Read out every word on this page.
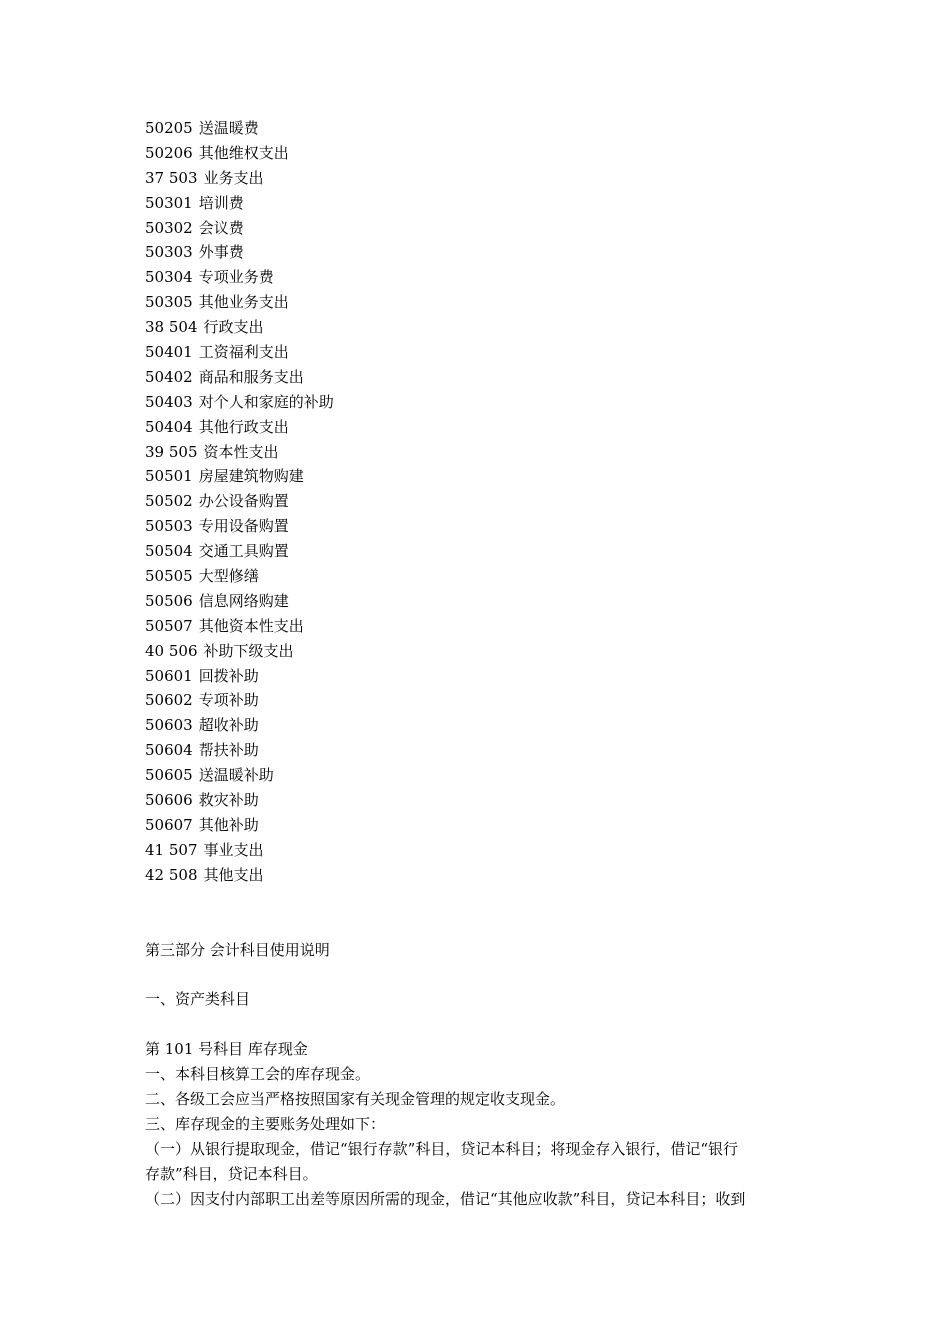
50205 送温暖费
50206 其他维权支出
37 503 业务支出
50301 培训费
50302 会议费
50303 外事费
50304 专项业务费
50305 其他业务支出
38 504 行政支出
50401 工资福利支出
50402 商品和服务支出
50403 对个人和家庭的补助
50404 其他行政支出
39 505 资本性支出
50501 房屋建筑物购建
50502 办公设备购置
50503 专用设备购置
50504 交通工具购置
50505 大型修缮
50506 信息网络购建
50507 其他资本性支出
40 506 补助下级支出
50601 回拨补助
50602 专项补助
50603 超收补助
50604 帮扶补助
50605 送温暖补助
50606 救灾补助
50607 其他补助
41 507 事业支出
42 508 其他支出
第三部分 会计科目使用说明
一、资产类科目
第 101 号科目 库存现金
一、本科目核算工会的库存现金。
二、各级工会应当严格按照国家有关现金管理的规定收支现金。
三、库存现金的主要账务处理如下：
（一）从银行提取现金，借记“银行存款”科目，贷记本科目；将现金存入银行，借记“银行
存款”科目，贷记本科目。
（二）因支付内部职工出差等原因所需的现金，借记“其他应收款”科目，贷记本科目；收到
